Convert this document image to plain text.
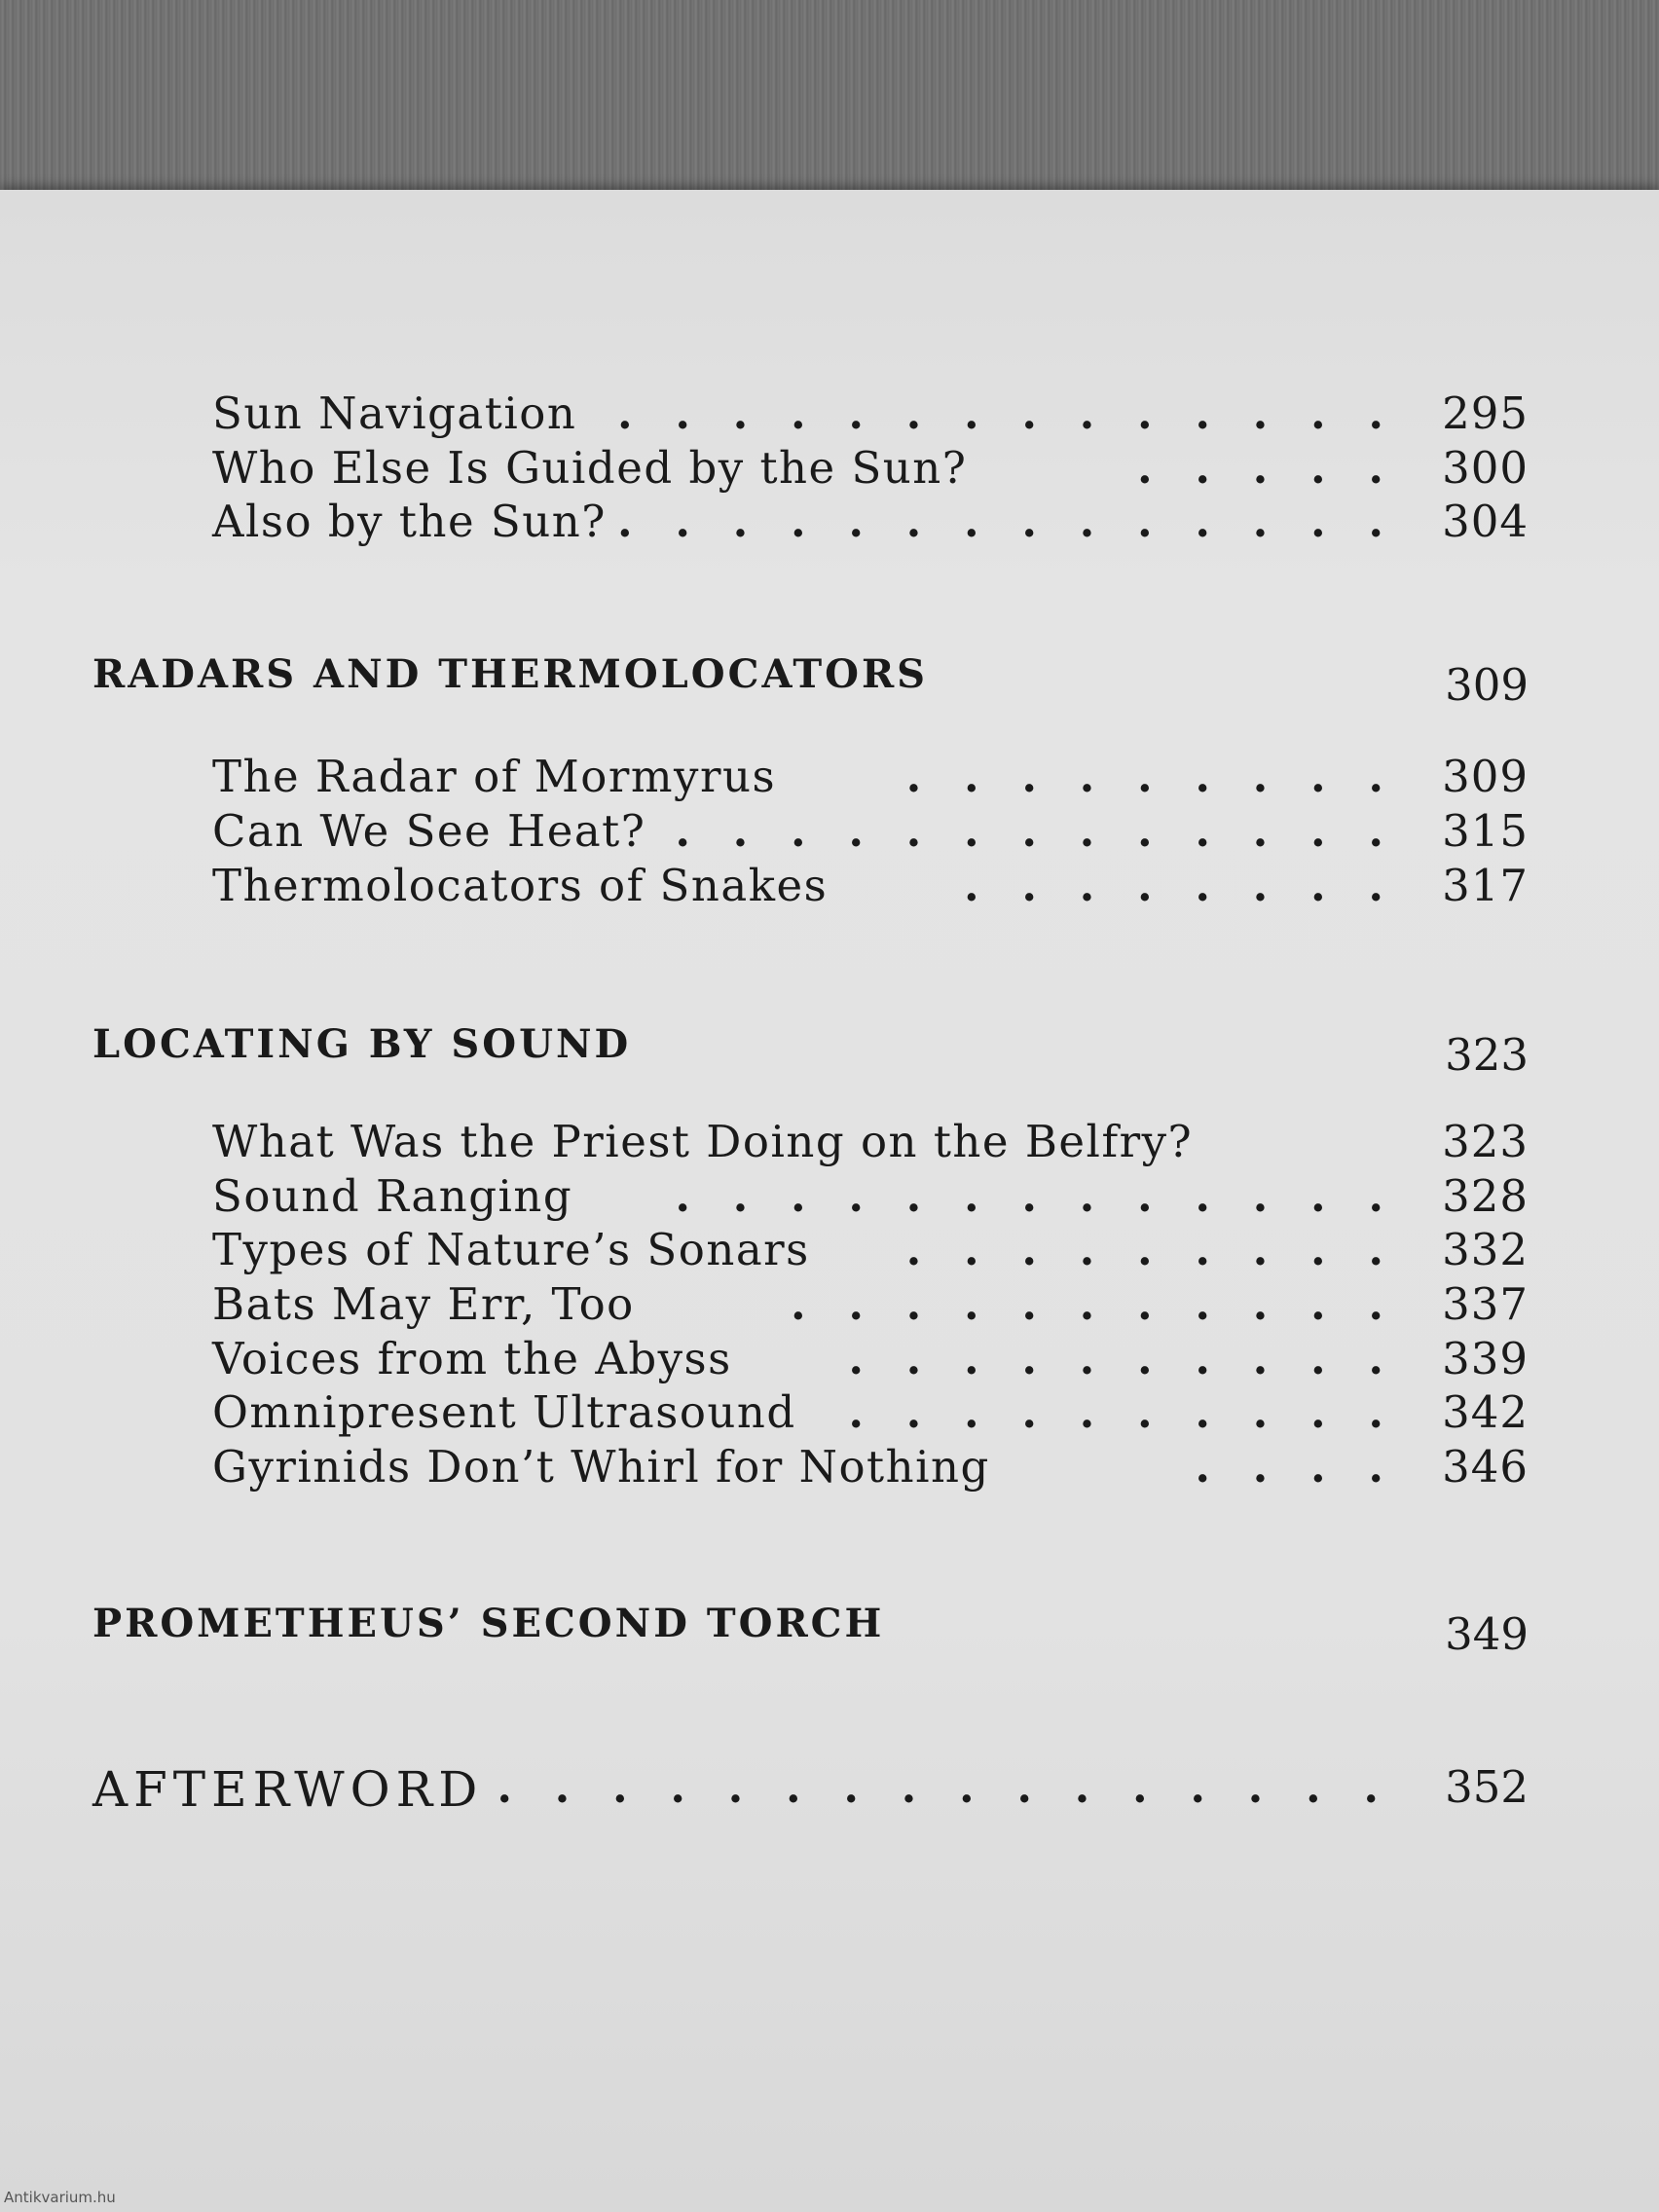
Sun Navigation . . . . . . . . . . . . . . 295
Who Else Is Guided by the Sun?	. . . . . 300
Also by the Sun? . . . . . . . . . . . . . . 304
RADARS AND THERMOLOCATORS	309
The Radar of Mormyrus	. . . . . . . . . 309
Can We See Heat? . . . . . . . . . . . . . 315
Thermolocators of Snakes	. . . . . . . . 317
LOCATING BY SOUND	323
What Was the Priest Doing on the Belfry?	323
Sound Ranging . . . . . . . . . . . . . 328
Types of Nature’s Sonars . . . . . . . . . 332
Bats May Err, Too	. . . . . . . . . . . 337
Voices from the Abyss	. . . . . . . . . . 339
Omnipresent Ultrasound . . . . . . . . . . 342
Gyrinids Don’t Whirl for Nothing	. . . . 346
PROMETHEUS’ SECOND TORCH	349
AFTERWORD . . . . . . . . . . . . . . . . 352
Antikvarium.hu
